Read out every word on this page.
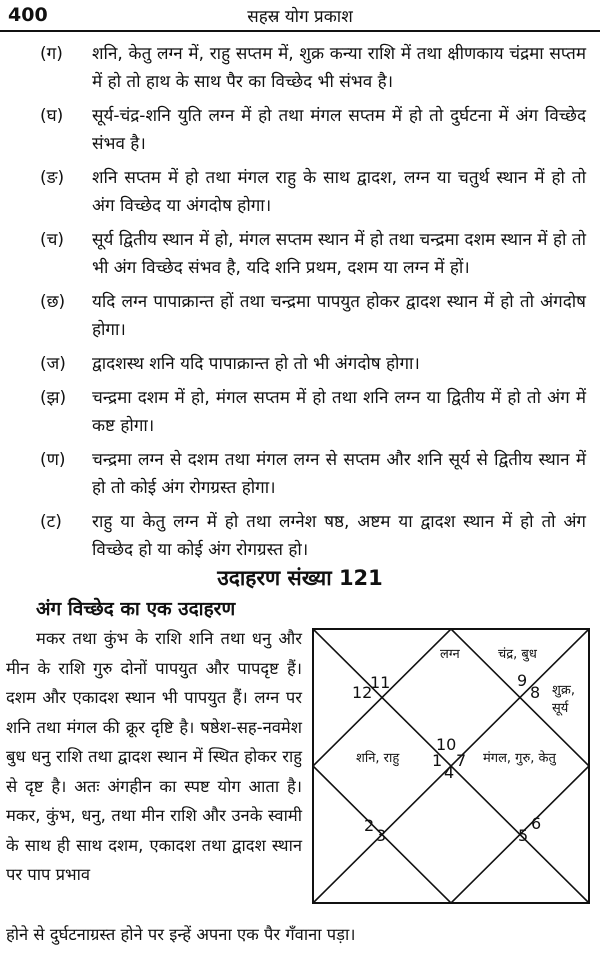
400	सहस्र योग प्रकाश
(ग) शनि, केतु लग्न में, राहु सप्तम में, शुक्र कन्या राशि में तथा क्षीणकाय चंद्रमा सप्तम में हो तो हाथ के साथ पैर का विच्छेद भी संभव है।
(घ) सूर्य-चंद्र-शनि युति लग्न में हो तथा मंगल सप्तम में हो तो दुर्घटना में अंग विच्छेद संभव है।
(ङ) शनि सप्तम में हो तथा मंगल राहु के साथ द्वादश, लग्न या चतुर्थ स्थान में हो तो अंग विच्छेद या अंगदोष होगा।
(च) सूर्य द्वितीय स्थान में हो, मंगल सप्तम स्थान में हो तथा चन्द्रमा दशम स्थान में हो तो भी अंग विच्छेद संभव है, यदि शनि प्रथम, दशम या लग्न में हों।
(छ) यदि लग्न पापाक्रान्त हों तथा चन्द्रमा पापयुत होकर द्वादश स्थान में हो तो अंगदोष होगा।
(ज) द्वादशस्थ शनि यदि पापाक्रान्त हो तो भी अंगदोष होगा।
(झ) चन्द्रमा दशम में हो, मंगल सप्तम में हो तथा शनि लग्न या द्वितीय में हो तो अंग में कष्ट होगा।
(ण) चन्द्रमा लग्न से दशम तथा मंगल लग्न से सप्तम और शनि सूर्य से द्वितीय स्थान में हो तो कोई अंग रोगग्रस्त होगा।
(ट) राहु या केतु लग्न में हो तथा लग्नेश षष्ठ, अष्टम या द्वादश स्थान में हो तो अंग विच्छेद हो या कोई अंग रोगग्रस्त हो।
उदाहरण संख्या 121
अंग विच्छेद का एक उदाहरण

मकर तथा कुंभ के राशि शनि तथा धनु और मीन के राशि गुरु दोनों पापयुत और पापदृष्ट हैं। दशम और एकादश स्थान भी पापयुत हैं। लग्न पर शनि तथा मंगल की क्रूर दृष्टि है। षष्ठेश-सह-नवमेश बुध धनु राशि तथा द्वादश स्थान में स्थित होकर राहु से दृष्ट है। अतः अंगहीन का स्पष्ट योग आता है। मकर, कुंभ, धनु, तथा मीन राशि और उनके स्वामी के साथ ही साथ दशम, एकादश तथा द्वादश स्थान पर पाप प्रभाव

होने से दुर्घटनाग्रस्त होने पर इन्हें अपना एक पैर गँवाना पड़ा।

10
1 7
4
11
12
9
8
2
3	5
6
लग्न	चंद्र, बुध
शुक्र,
सूर्य
शनि, राहु	मंगल, गुरु, केतु
